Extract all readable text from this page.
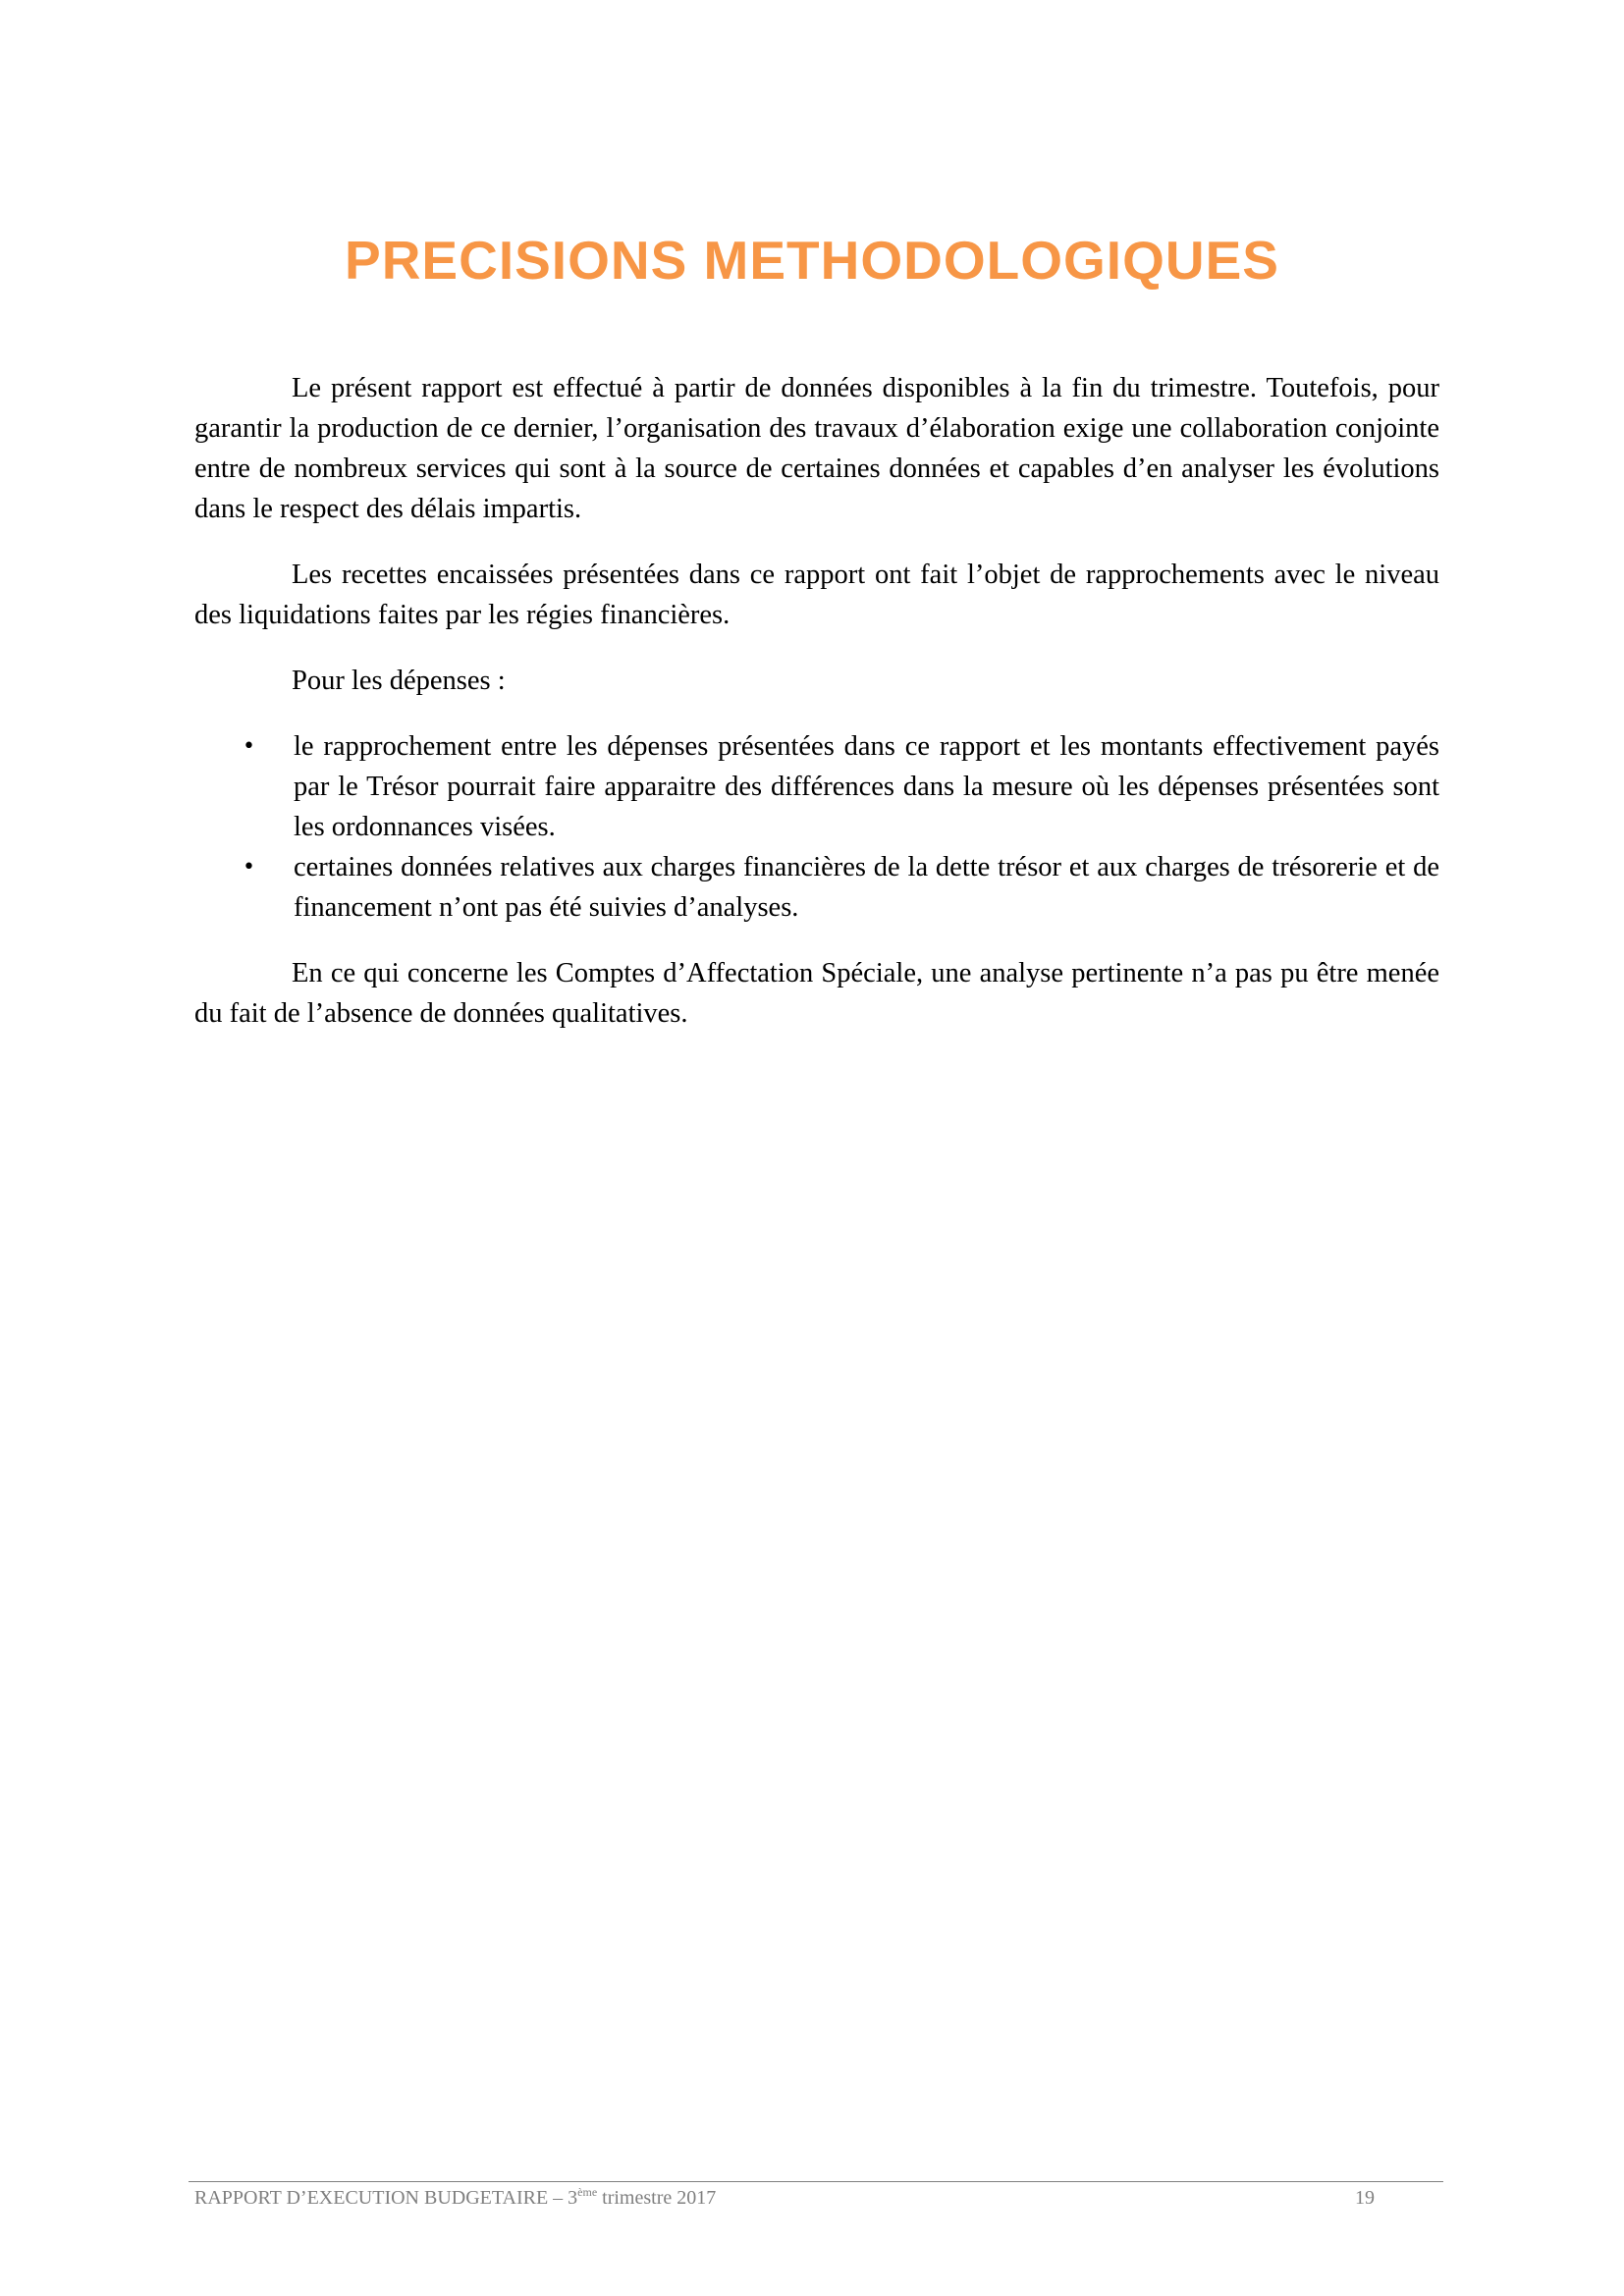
PRECISIONS METHODOLOGIQUES

Le présent rapport est effectué à partir de données disponibles à la fin du trimestre. Toutefois, pour garantir la production de ce dernier, l’organisation des travaux d’élaboration exige une collaboration conjointe entre de nombreux services qui sont à la source de certaines données et capables d’en analyser les évolutions dans le respect des délais impartis.

Les recettes encaissées présentées dans ce rapport ont fait l’objet de rapprochements avec le niveau des liquidations faites par les régies financières.

Pour les dépenses :

• le rapprochement entre les dépenses présentées dans ce rapport et les montants effectivement payés par le Trésor pourrait faire apparaitre des différences dans la mesure où les dépenses présentées sont les ordonnances visées.
• certaines données relatives aux charges financières de la dette trésor et aux charges de trésorerie et de financement n’ont pas été suivies d’analyses.

En ce qui concerne les Comptes d’Affectation Spéciale, une analyse pertinente n’a pas pu être menée du fait de l’absence de données qualitatives.

RAPPORT D’EXECUTION BUDGETAIRE – 3ème trimestre 2017	19
